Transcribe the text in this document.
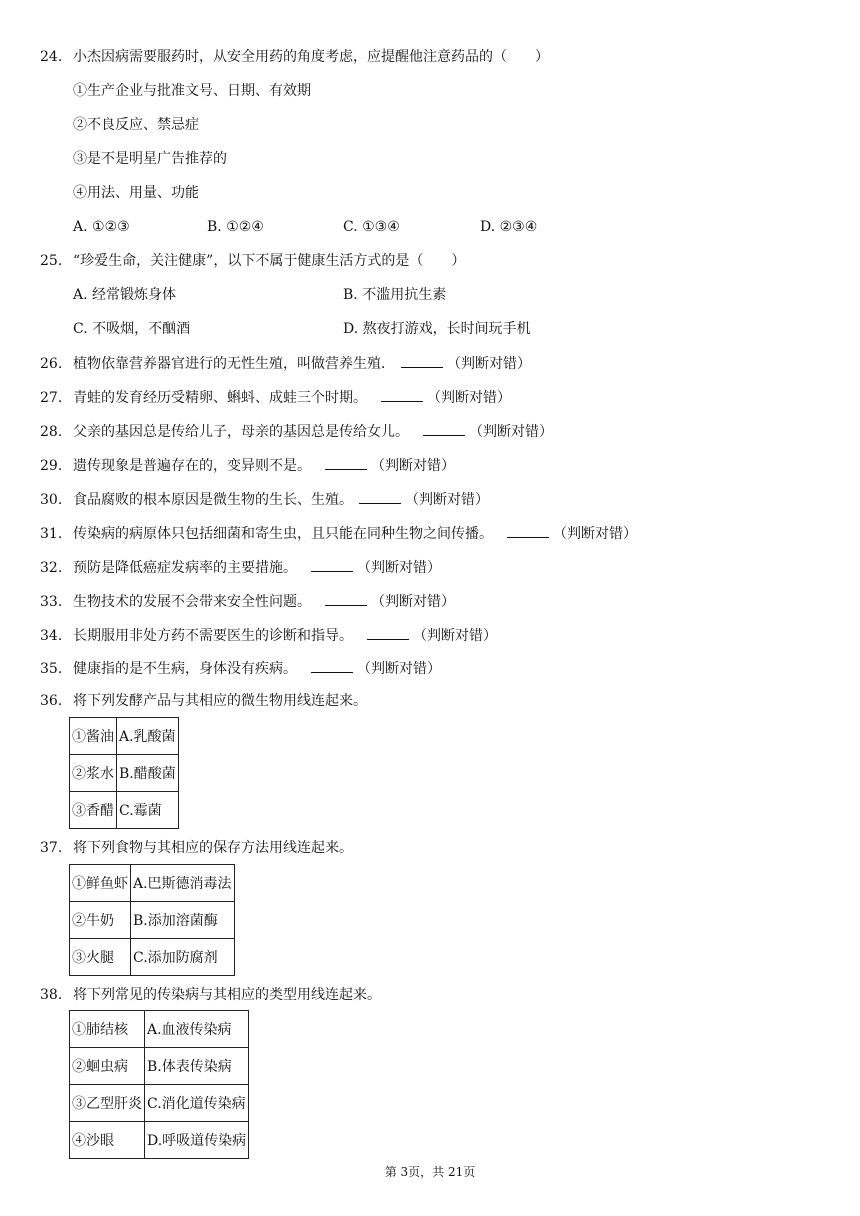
24. 小杰因病需要服药时，从安全用药的角度考虑，应提醒他注意药品的（　　）
①生产企业与批准文号、日期、有效期
②不良反应、禁忌症
③是不是明星广告推荐的
④用法、用量、功能
A. ①②③	B. ①②④	C. ①③④	D. ②③④
25. “珍爱生命，关注健康”，以下不属于健康生活方式的是（　　）
A. 经常锻炼身体	B. 不滥用抗生素
C. 不吸烟，不酗酒	D. 熬夜打游戏，长时间玩手机
26. 植物依靠营养器官进行的无性生殖，叫做营养生殖．	（判断对错）
27. 青蛙的发育经历受精卵、蝌蚪、成蛙三个时期。	（判断对错）
28. 父亲的基因总是传给儿子，母亲的基因总是传给女儿。	（判断对错）
29. 遗传现象是普遍存在的，变异则不是。	（判断对错）
30. 食品腐败的根本原因是微生物的生长、生殖。	（判断对错）
31. 传染病的病原体只包括细菌和寄生虫，且只能在同种生物之间传播。	（判断对错）
32. 预防是降低癌症发病率的主要措施。	（判断对错）
33. 生物技术的发展不会带来安全性问题。	（判断对错）
34. 长期服用非处方药不需要医生的诊断和指导。	（判断对错）
35. 健康指的是不生病，身体没有疾病。	（判断对错）
36. 将下列发酵产品与其相应的微生物用线连起来。
①酱油	A.乳酸菌
②浆水	B.醋酸菌
③香醋	C.霉菌
37. 将下列食物与其相应的保存方法用线连起来。
①鲜鱼虾	A.巴斯德消毒法
②牛奶	B.添加溶菌酶
③火腿	C.添加防腐剂
38. 将下列常见的传染病与其相应的类型用线连起来。
①肺结核	A.血液传染病
②蛔虫病	B.体表传染病
③乙型肝炎	C.消化道传染病
④沙眼	D.呼吸道传染病
第 3页，共 21页
